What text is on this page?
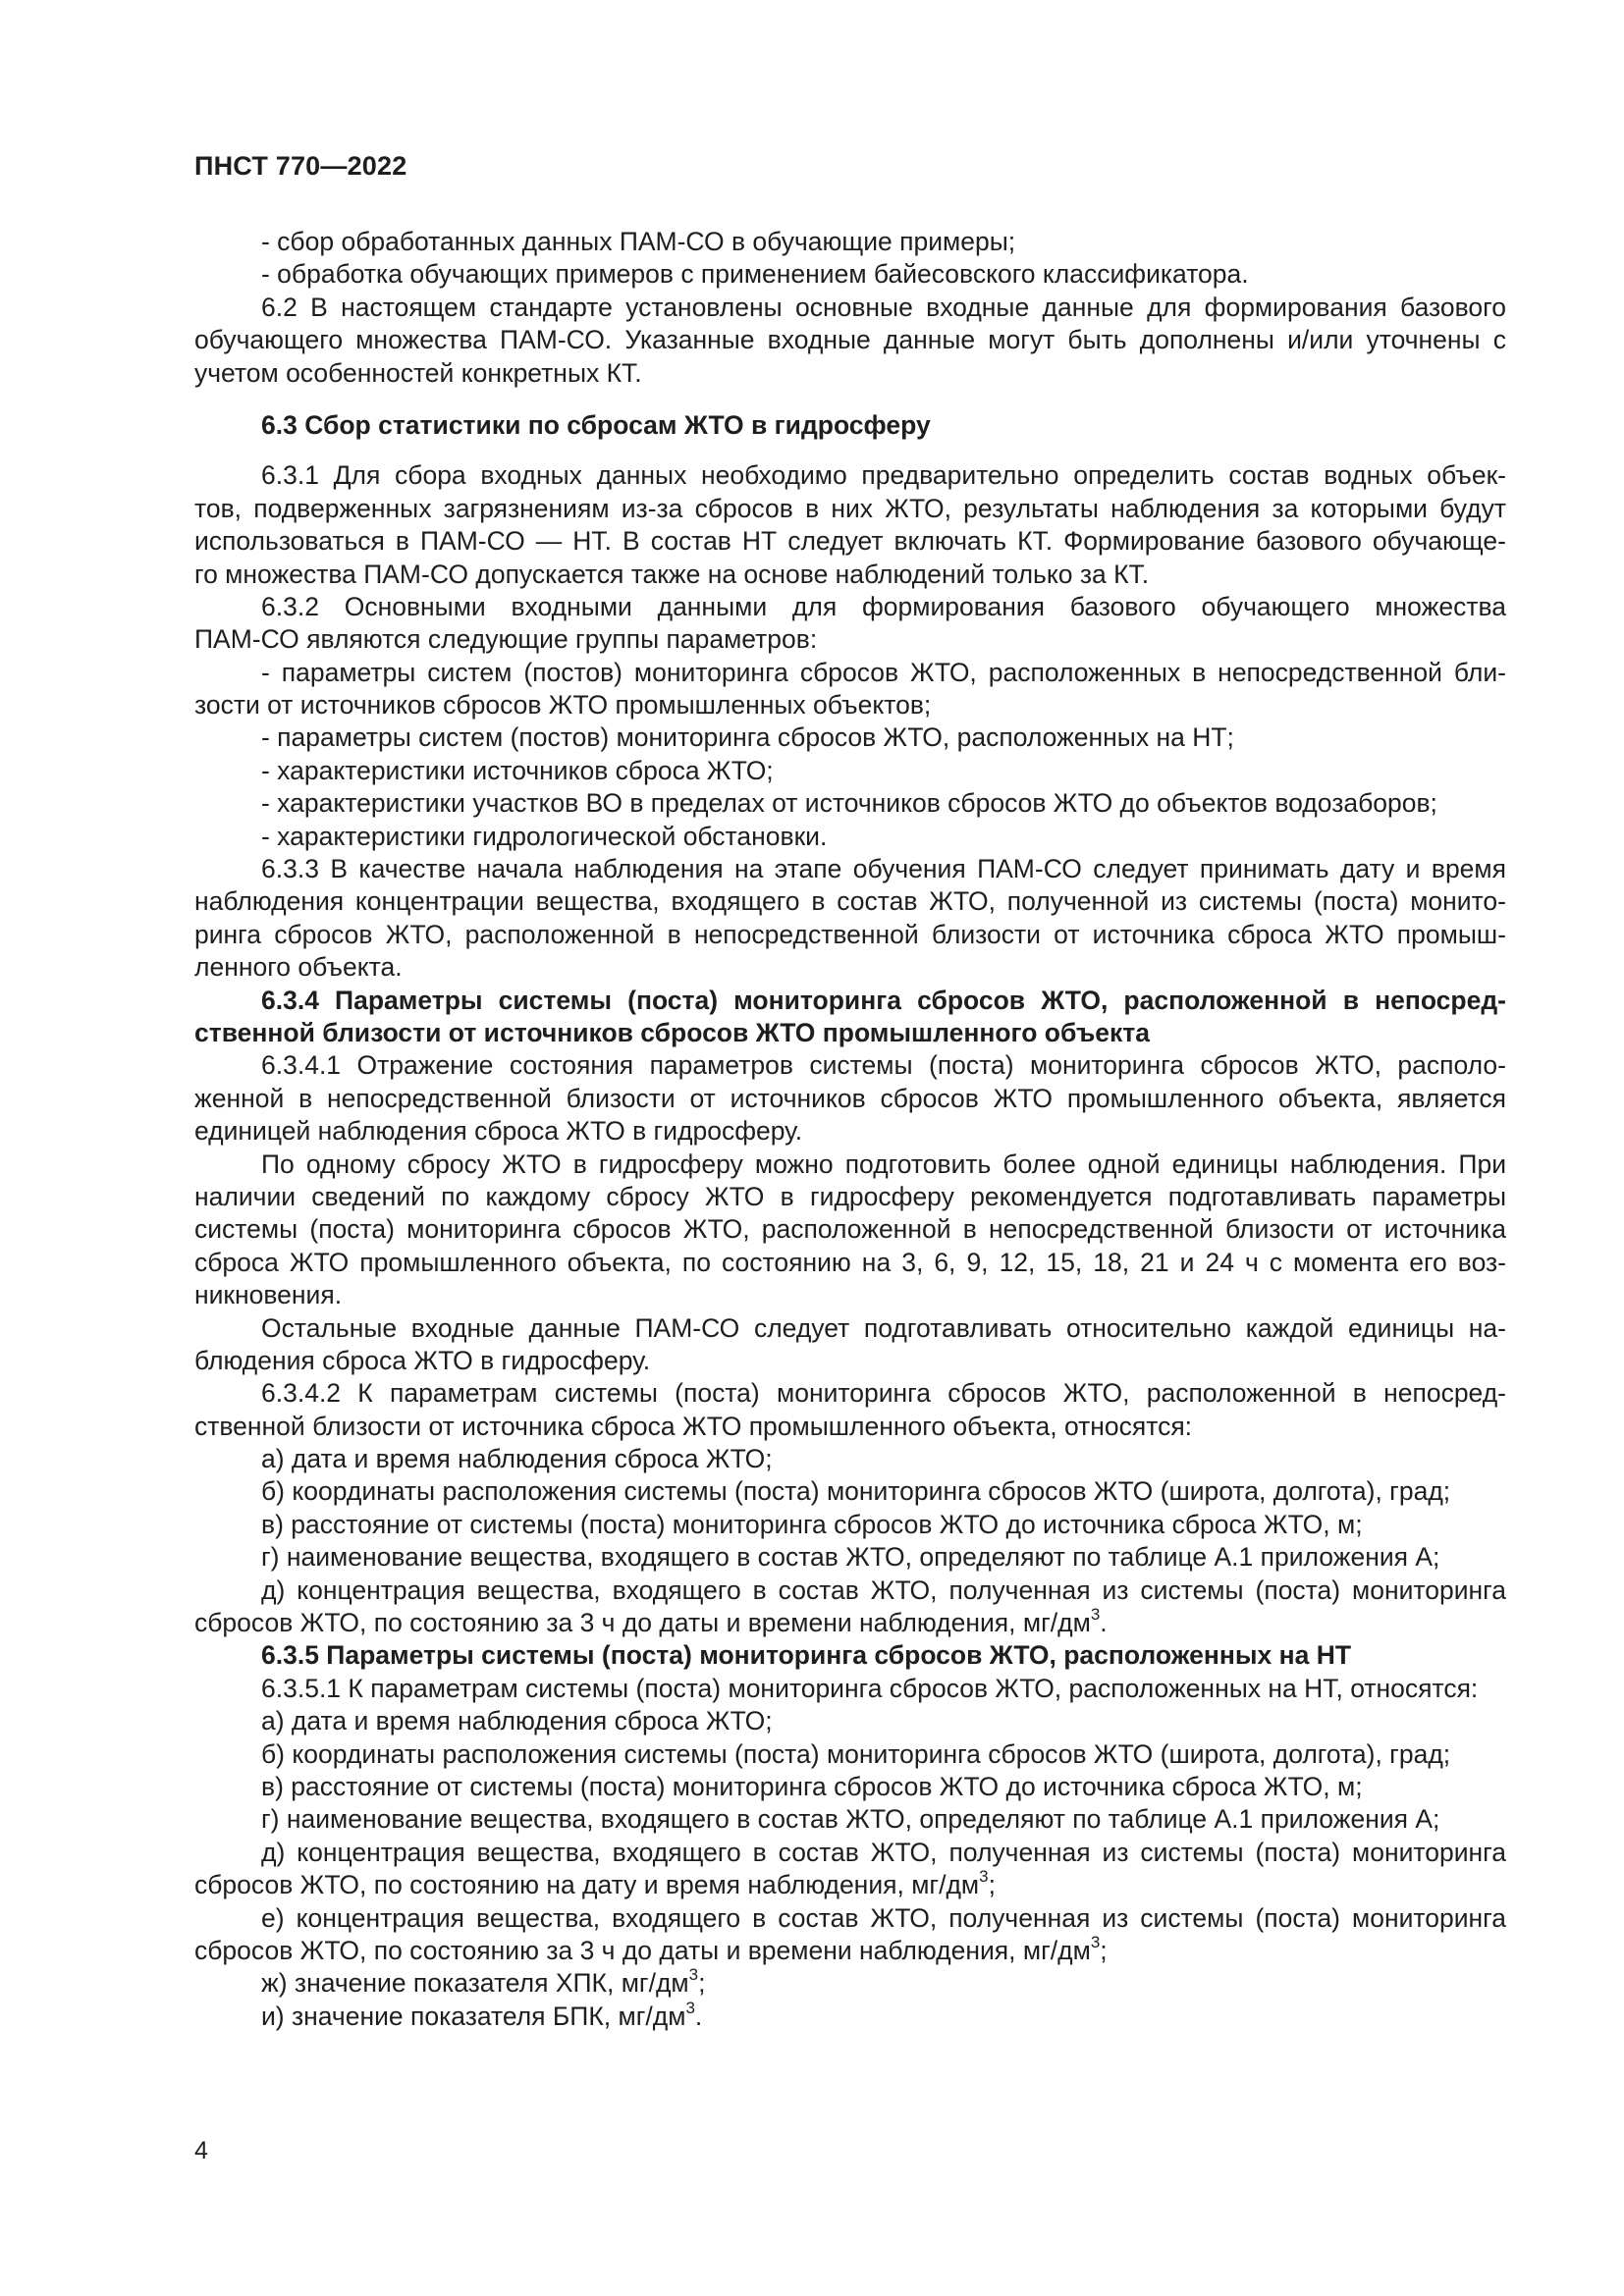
ПНСТ 770—2022
- сбор обработанных данных ПАМ-СО в обучающие примеры;
- обработка обучающих примеров с применением байесовского классификатора.
6.2 В настоящем стандарте установлены основные входные данные для формирования базового
обучающего множества ПАМ-СО. Указанные входные данные могут быть дополнены и/или уточнены с
учетом особенностей конкретных КТ.
6.3 Сбор статистики по сбросам ЖТО в гидросферу
6.3.1 Для сбора входных данных необходимо предварительно определить состав водных объек-
тов, подверженных загрязнениям из-за сбросов в них ЖТО, результаты наблюдения за которыми будут
использоваться в ПАМ-СО — НТ. В состав НТ следует включать КТ. Формирование базового обучающе-
го множества ПАМ-СО допускается также на основе наблюдений только за КТ.
6.3.2 Основными входными данными для формирования базового обучающего множества
ПАМ-СО являются следующие группы параметров:
- параметры систем (постов) мониторинга сбросов ЖТО, расположенных в непосредственной бли-
зости от источников сбросов ЖТО промышленных объектов;
- параметры систем (постов) мониторинга сбросов ЖТО, расположенных на НТ;
- характеристики источников сброса ЖТО;
- характеристики участков ВО в пределах от источников сбросов ЖТО до объектов водозаборов;
- характеристики гидрологической обстановки.
6.3.3 В качестве начала наблюдения на этапе обучения ПАМ-СО следует принимать дату и время
наблюдения концентрации вещества, входящего в состав ЖТО, полученной из системы (поста) монито-
ринга сбросов ЖТО, расположенной в непосредственной близости от источника сброса ЖТО промыш-
ленного объекта.
6.3.4 Параметры системы (поста) мониторинга сбросов ЖТО, расположенной в непосред-
ственной близости от источников сбросов ЖТО промышленного объекта
6.3.4.1 Отражение состояния параметров системы (поста) мониторинга сбросов ЖТО, располо-
женной в непосредственной близости от источников сбросов ЖТО промышленного объекта, является
единицей наблюдения сброса ЖТО в гидросферу.
По одному сбросу ЖТО в гидросферу можно подготовить более одной единицы наблюдения. При
наличии сведений по каждому сбросу ЖТО в гидросферу рекомендуется подготавливать параметры
системы (поста) мониторинга сбросов ЖТО, расположенной в непосредственной близости от источника
сброса ЖТО промышленного объекта, по состоянию на 3, 6, 9, 12, 15, 18, 21 и 24 ч с момента его воз-
никновения.
Остальные входные данные ПАМ-СО следует подготавливать относительно каждой единицы на-
блюдения сброса ЖТО в гидросферу.
6.3.4.2 К параметрам системы (поста) мониторинга сбросов ЖТО, расположенной в непосред-
ственной близости от источника сброса ЖТО промышленного объекта, относятся:
а) дата и время наблюдения сброса ЖТО;
б) координаты расположения системы (поста) мониторинга сбросов ЖТО (широта, долгота), град;
в) расстояние от системы (поста) мониторинга сбросов ЖТО до источника сброса ЖТО, м;
г) наименование вещества, входящего в состав ЖТО, определяют по таблице А.1 приложения А;
д) концентрация вещества, входящего в состав ЖТО, полученная из системы (поста) мониторинга
сбросов ЖТО, по состоянию за 3 ч до даты и времени наблюдения, $мг/дм^3$.
6.3.5 Параметры системы (поста) мониторинга сбросов ЖТО, расположенных на НТ
6.3.5.1 К параметрам системы (поста) мониторинга сбросов ЖТО, расположенных на НТ, относятся:
а) дата и время наблюдения сброса ЖТО;
б) координаты расположения системы (поста) мониторинга сбросов ЖТО (широта, долгота), град;
в) расстояние от системы (поста) мониторинга сбросов ЖТО до источника сброса ЖТО, м;
г) наименование вещества, входящего в состав ЖТО, определяют по таблице А.1 приложения А;
д) концентрация вещества, входящего в состав ЖТО, полученная из системы (поста) мониторинга
сбросов ЖТО, по состоянию на дату и время наблюдения, $мг/дм^3$;
е) концентрация вещества, входящего в состав ЖТО, полученная из системы (поста) мониторинга
сбросов ЖТО, по состоянию за 3 ч до даты и времени наблюдения, $мг/дм^3$;
ж) значение показателя ХПК, $мг/дм^3$;
и) значение показателя БПК, $мг/дм^3$.
4
